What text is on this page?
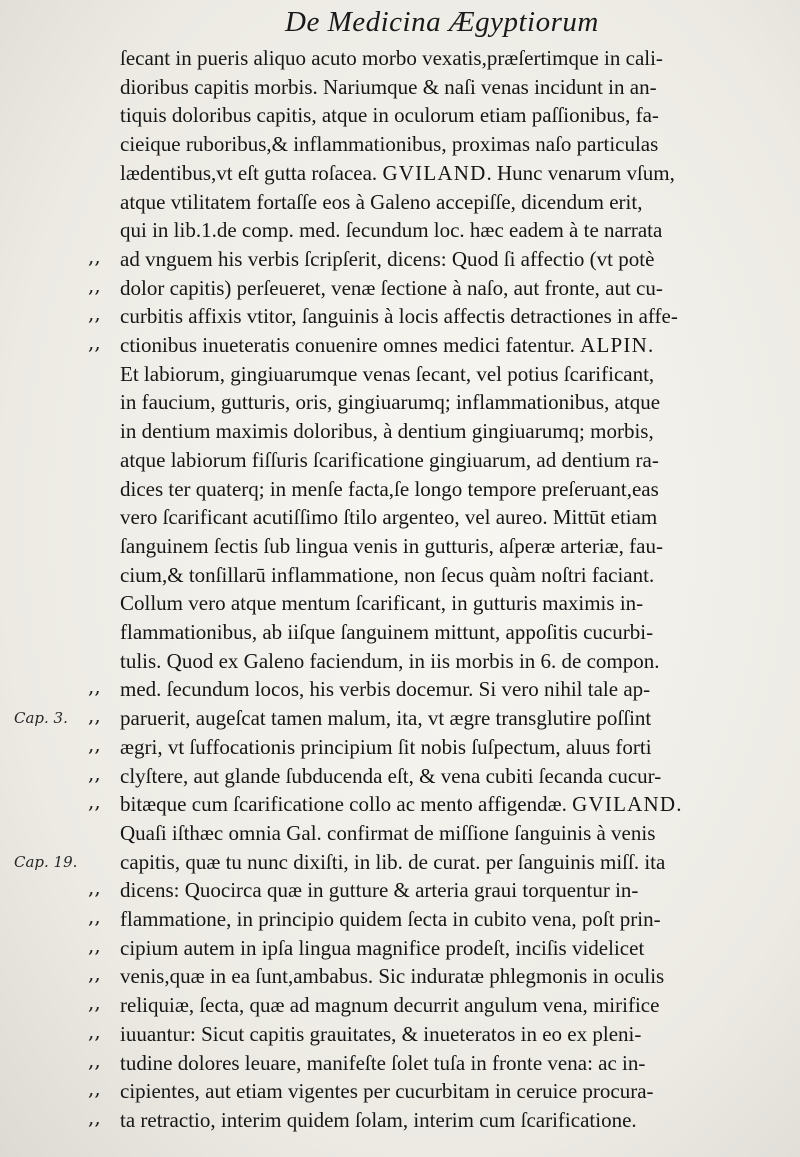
De Medicina Ægyptiorum
ſecant in pueris aliquo acuto morbo vexatis,præſertimque in cali-
dioribus capitis morbis. Nariumque & naſi venas incidunt in an-
tiquis doloribus capitis, atque in oculorum etiam paſſionibus, fa-
cieique ruboribus,& inflammationibus, proximas naſo particulas
lædentibus,vt eſt gutta roſacea. GVILAND. Hunc venarum vſum,
atque vtilitatem fortaſſe eos à Galeno accepiſſe, dicendum erit,
qui in lib.1.de comp. med. ſecundum loc. hæc eadem à te narrata
,, ad vnguem his verbis ſcripſerit, dicens: Quod ſi affectio (vt potè
,, dolor capitis) perſeueret, venæ ſectione à naſo, aut fronte, aut cu-
,, curbitis affixis vtitor, ſanguinis à locis affectis detractiones in affe-
,, ctionibus inueteratis conuenire omnes medici fatentur. ALPIN.
Et labiorum, gingiuarumque venas ſecant, vel potius ſcarificant,
in faucium, gutturis, oris, gingiuarumq; inflammationibus, atque
in dentium maximis doloribus, à dentium gingiuarumq; morbis,
atque labiorum fiſſuris ſcarificatione gingiuarum, ad dentium ra-
dices ter quaterq; in menſe facta,ſe longo tempore preſeruant,eas
vero ſcarificant acutiſſimo ſtilo argenteo, vel aureo. Mittūt etiam
ſanguinem ſectis ſub lingua venis in gutturis, aſperæ arteriæ, fau-
cium,& tonſillarū inflammatione, non ſecus quàm noſtri faciant.
Collum vero atque mentum ſcarificant, in gutturis maximis in-
flammationibus, ab iiſque ſanguinem mittunt, appoſitis cucurbi-
tulis. Quod ex Galeno faciendum, in iis morbis in 6. de compon.
,, med. ſecundum locos, his verbis docemur. Si vero nihil tale ap-
,,
Cap. 3. paruerit, augeſcat tamen malum, ita, vt ægre transglutire poſſint
,, ægri, vt ſuffocationis principium ſit nobis ſuſpectum, aluus forti
,, clyſtere, aut glande ſubducenda eſt, & vena cubiti ſecanda cucur-
,, bitæque cum ſcarificatione collo ac mento affigendæ. GVILAND.
Quaſi iſthæc omnia Gal. confirmat de miſſione ſanguinis à venis
Cap. 19. capitis, quæ tu nunc dixiſti, in lib. de curat. per ſanguinis miſſ. ita
,, dicens: Quocirca quæ in gutture & arteria graui torquentur in-
,, flammatione, in principio quidem ſecta in cubito vena, poſt prin-
,, cipium autem in ipſa lingua magnifice prodeſt, inciſis videlicet
,, venis,quæ in ea ſunt,ambabus. Sic induratæ phlegmonis in oculis
,, reliquiæ, ſecta, quæ ad magnum decurrit angulum vena, mirifice
,, iuuantur: Sicut capitis grauitates, & inueteratos in eo ex pleni-
,, tudine dolores leuare, manifeſte ſolet tuſa in fronte vena: ac in-
,, cipientes, aut etiam vigentes per cucurbitam in ceruice procura-
,, ta retractio, interim quidem ſolam, interim cum ſcarificatione.
